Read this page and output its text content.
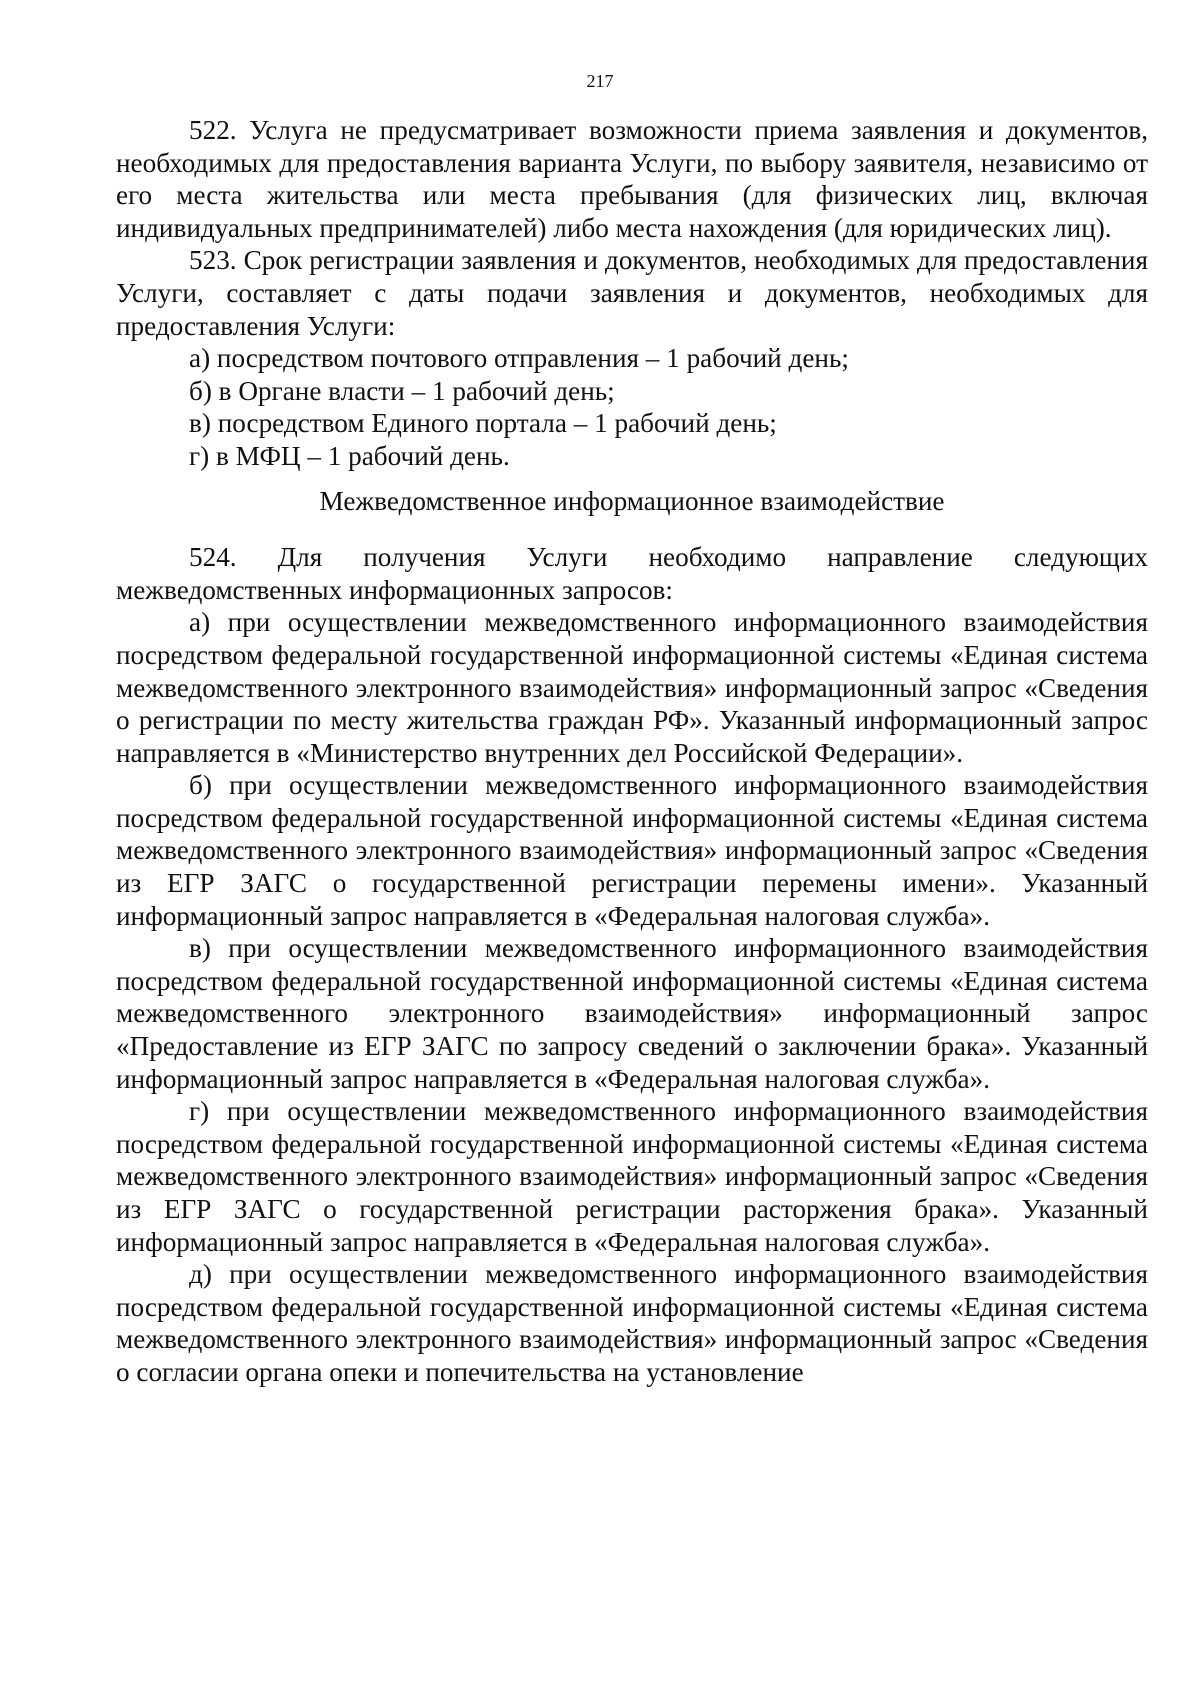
217

522. Услуга не предусматривает возможности приема заявления и документов, необходимых для предоставления варианта Услуги, по выбору заявителя, независимо от его места жительства или места пребывания (для физических лиц, включая индивидуальных предпринимателей) либо места нахождения (для юридических лиц).

523. Срок регистрации заявления и документов, необходимых для предоставления Услуги, составляет с даты подачи заявления и документов, необходимых для предоставления Услуги:

а) посредством почтового отправления – 1 рабочий день;

б) в Органе власти – 1 рабочий день;

в) посредством Единого портала – 1 рабочий день;

г) в МФЦ – 1 рабочий день.

Межведомственное информационное взаимодействие

524. Для получения Услуги необходимо направление следующих межведомственных информационных запросов:

а) при осуществлении межведомственного информационного взаимодействия посредством федеральной государственной информационной системы «Единая система межведомственного электронного взаимодействия» информационный запрос «Сведения о регистрации по месту жительства граждан РФ». Указанный информационный запрос направляется в «Министерство внутренних дел Российской Федерации».

б) при осуществлении межведомственного информационного взаимодействия посредством федеральной государственной информационной системы «Единая система межведомственного электронного взаимодействия» информационный запрос «Сведения из ЕГР ЗАГС о государственной регистрации перемены имени». Указанный информационный запрос направляется в «Федеральная налоговая служба».

в) при осуществлении межведомственного информационного взаимодействия посредством федеральной государственной информационной системы «Единая система межведомственного электронного взаимодействия» информационный запрос «Предоставление из ЕГР ЗАГС по запросу сведений о заключении брака». Указанный информационный запрос направляется в «Федеральная налоговая служба».

г) при осуществлении межведомственного информационного взаимодействия посредством федеральной государственной информационной системы «Единая система межведомственного электронного взаимодействия» информационный запрос «Сведения из ЕГР ЗАГС о государственной регистрации расторжения брака». Указанный информационный запрос направляется в «Федеральная налоговая служба».

д) при осуществлении межведомственного информационного взаимодействия посредством федеральной государственной информационной системы «Единая система межведомственного электронного взаимодействия» информационный запрос «Сведения о согласии органа опеки и попечительства на установление
